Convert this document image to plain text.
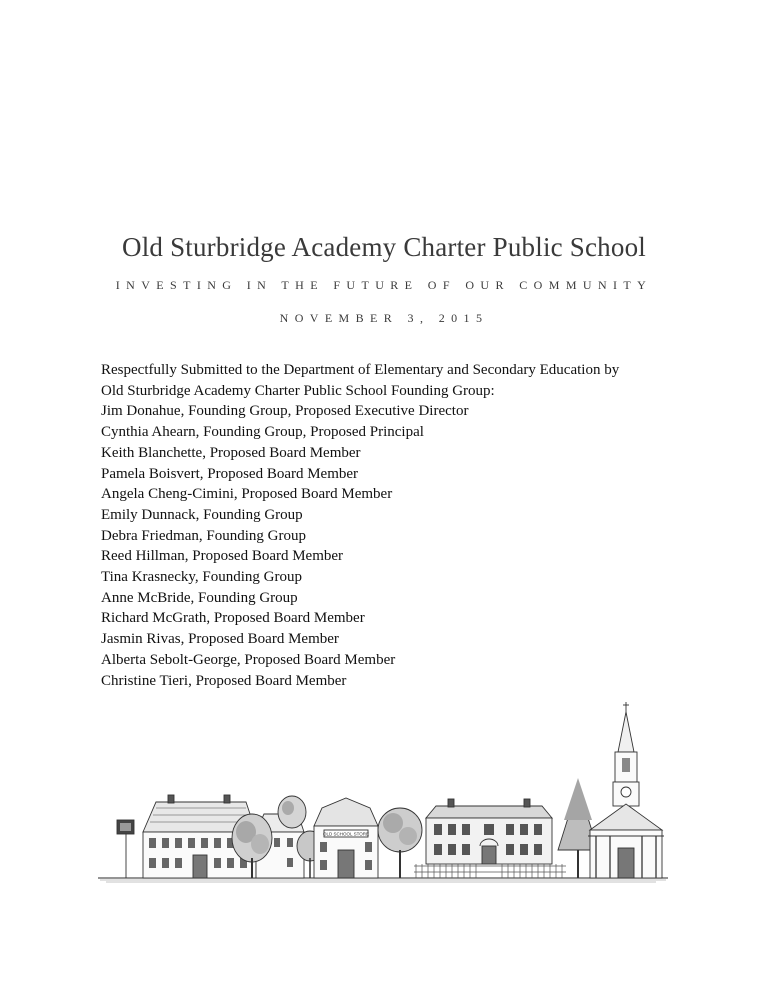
Old Sturbridge Academy Charter Public School
INVESTING IN THE FUTURE OF OUR COMMUNITY
NOVEMBER 3, 2015
Respectfully Submitted to the Department of Elementary and Secondary Education by
Old Sturbridge Academy Charter Public School Founding Group:
Jim Donahue, Founding Group, Proposed Executive Director
Cynthia Ahearn, Founding Group, Proposed Principal
Keith Blanchette, Proposed Board Member
Pamela Boisvert, Proposed Board Member
Angela Cheng-Cimini, Proposed Board Member
Emily Dunnack, Founding Group
Debra Friedman, Founding Group
Reed Hillman, Proposed Board Member
Tina Krasnecky, Founding Group
Anne McBride, Founding Group
Richard McGrath, Proposed Board Member
Jasmin Rivas, Proposed Board Member
Alberta Sebolt-George, Proposed Board Member
Christine Tieri, Proposed Board Member
OLD SCHOOL STORE
